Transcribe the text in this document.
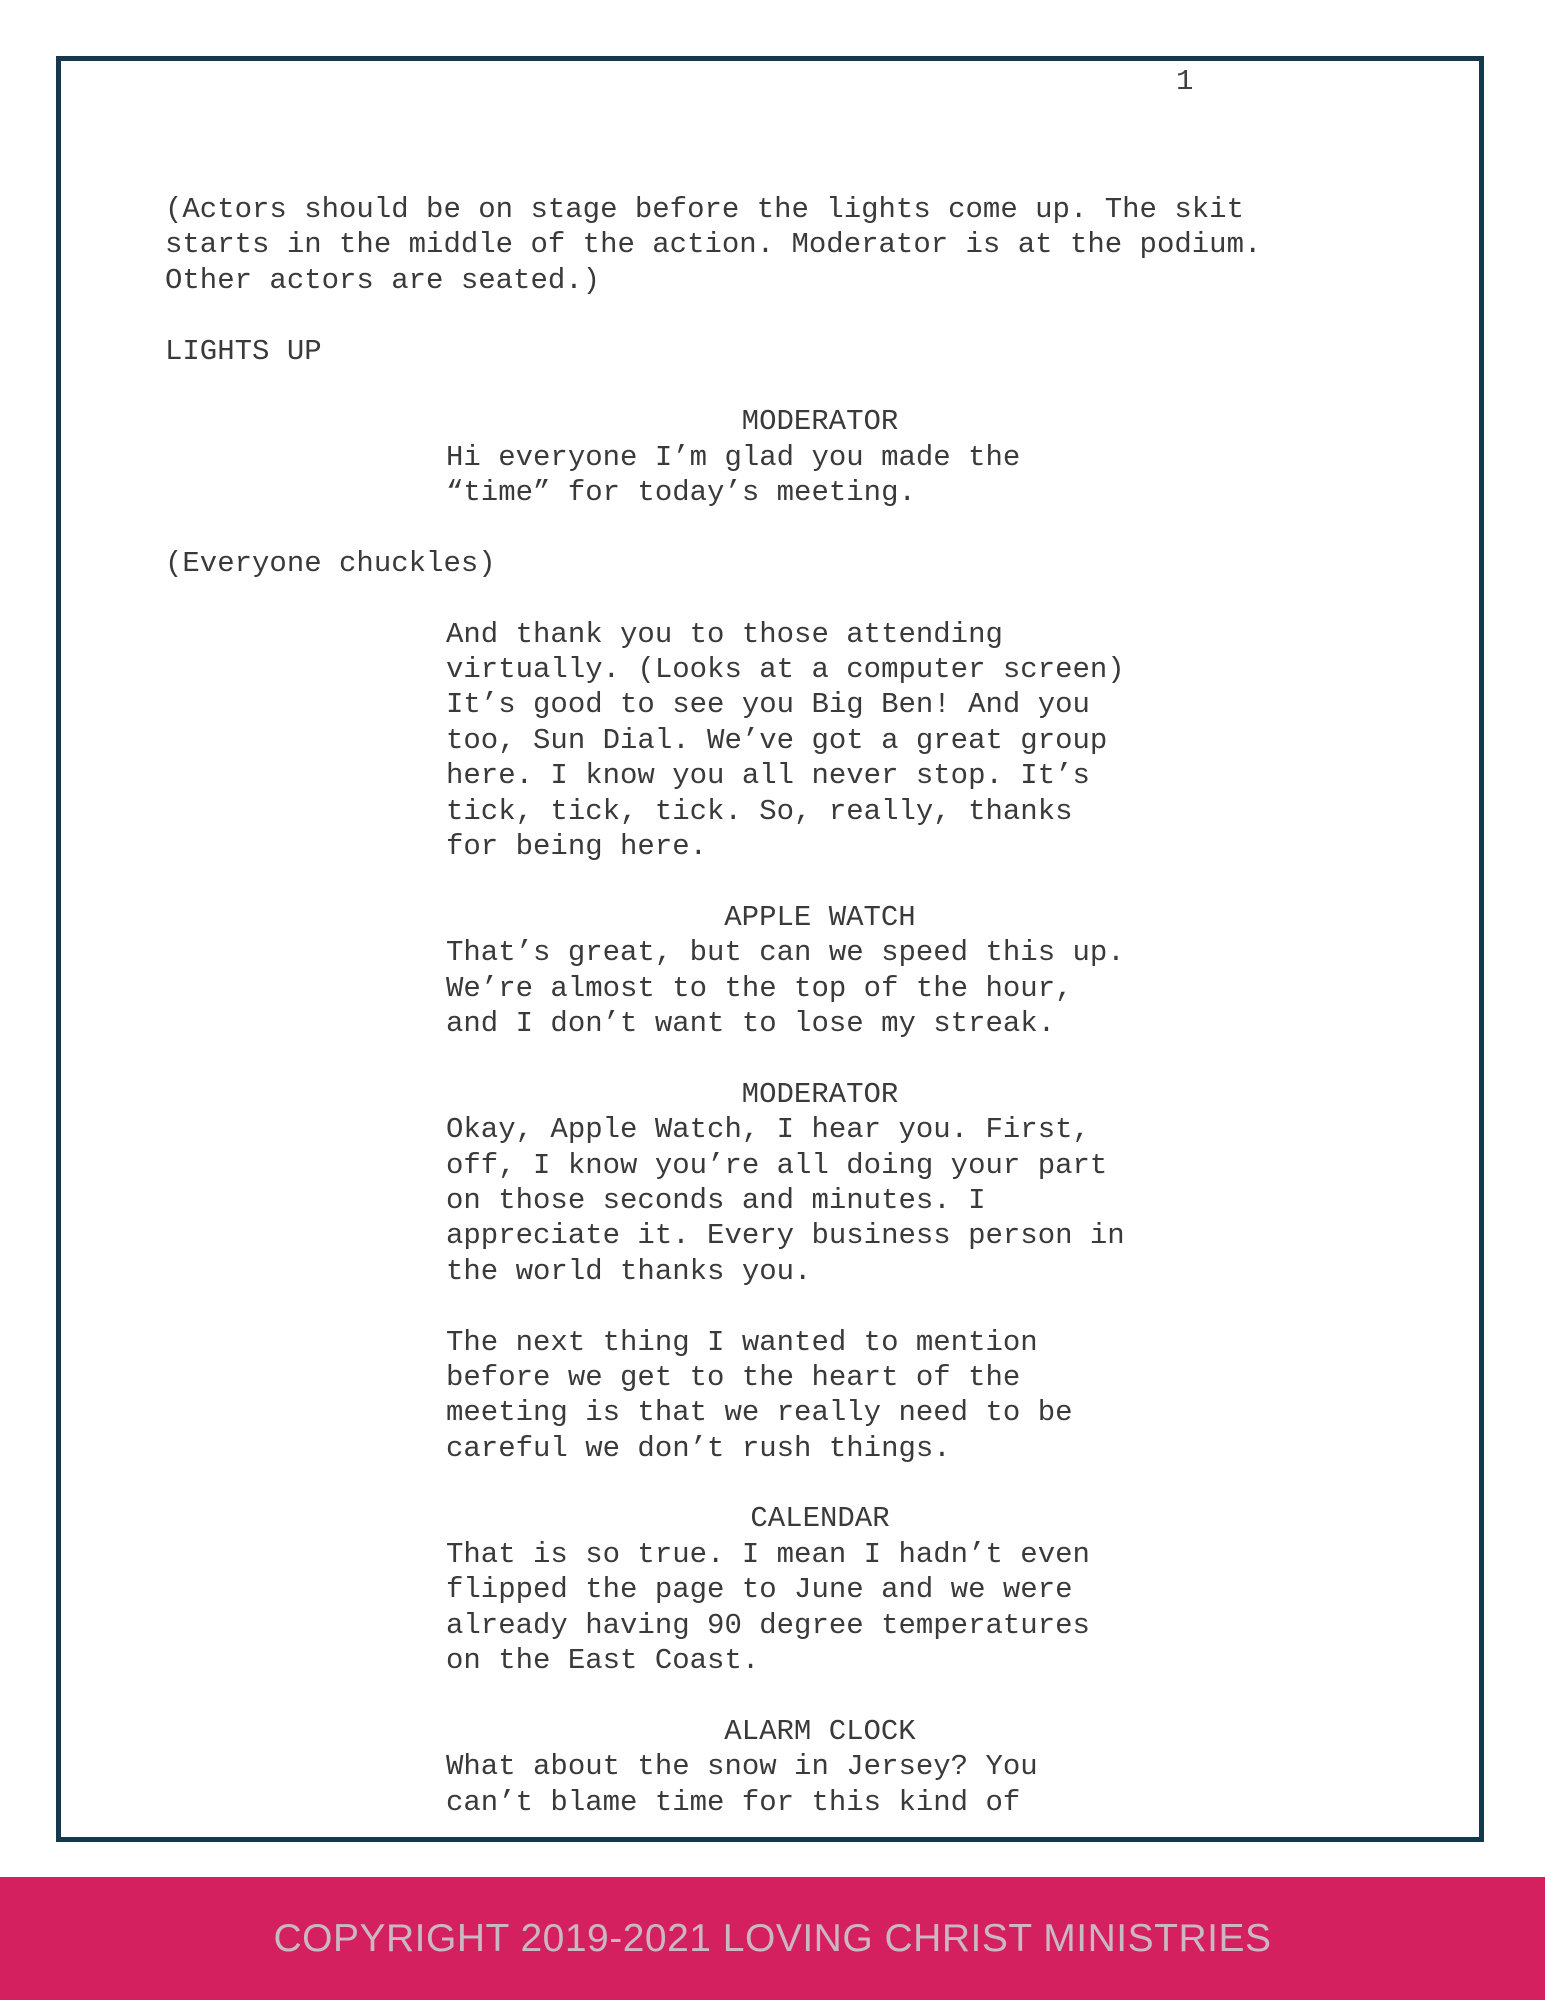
1
(Actors should be on stage before the lights come up. The skit
starts in the middle of the action. Moderator is at the podium.
Other actors are seated.)
LIGHTS UP
MODERATOR
Hi everyone I’m glad you made the
“time” for today’s meeting.
(Everyone chuckles)
And thank you to those attending
virtually. (Looks at a computer screen)
It’s good to see you Big Ben! And you
too, Sun Dial. We’ve got a great group
here. I know you all never stop. It’s
tick, tick, tick. So, really, thanks
for being here.
APPLE WATCH
That’s great, but can we speed this up.
We’re almost to the top of the hour,
and I don’t want to lose my streak.
MODERATOR
Okay, Apple Watch, I hear you. First,
off, I know you’re all doing your part
on those seconds and minutes. I
appreciate it. Every business person in
the world thanks you.
The next thing I wanted to mention
before we get to the heart of the
meeting is that we really need to be
careful we don’t rush things.
CALENDAR
That is so true. I mean I hadn’t even
flipped the page to June and we were
already having 90 degree temperatures
on the East Coast.
ALARM CLOCK
What about the snow in Jersey? You
can’t blame time for this kind of
COPYRIGHT 2019-2021 LOVING CHRIST MINISTRIES
